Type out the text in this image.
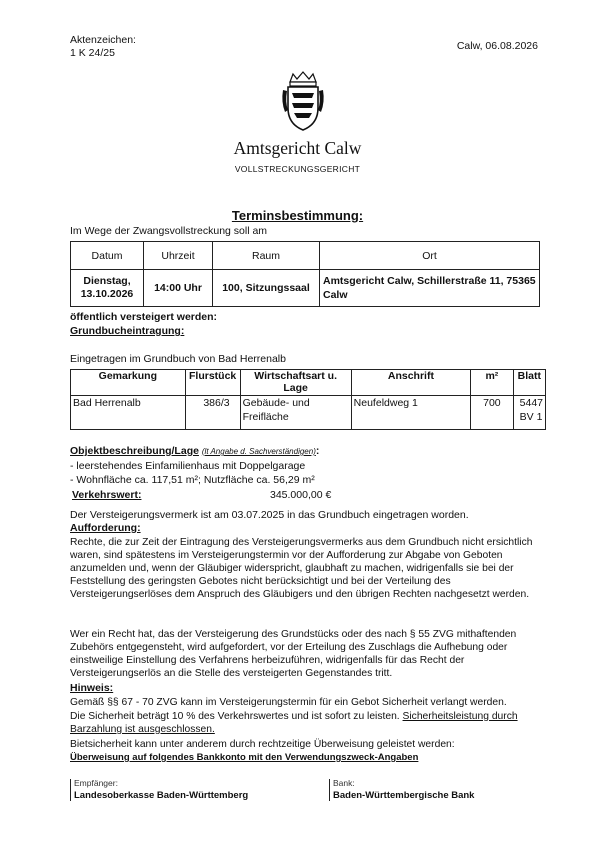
Aktenzeichen:
1 K 24/25
Calw, 06.08.2026
Amtsgericht Calw
VOLLSTRECKUNGSGERICHT
Terminsbestimmung:
Im Wege der Zwangsvollstreckung soll am
Datum	Uhrzeit	Raum	Ort

Dienstag,
13.10.2026	14:00 Uhr	100, Sitzungssaal	Amtsgericht Calw, Schillerstraße 11, 75365 Calw
öffentlich versteigert werden:
Grundbucheintragung:
Eingetragen im Grundbuch von Bad Herrenalb
Gemarkung	Flurstück	Wirtschaftsart u. Lage	Anschrift	m²	Blatt
Bad Herrenalb	386/3	Gebäude- und Freifläche	Neufeldweg 1	700	5447
BV 1
Objektbeschreibung/Lage (lt Angabe d. Sachverständigen):
- leerstehendes Einfamilienhaus mit Doppelgarage
- Wohnfläche ca. 117,51 m²; Nutzfläche ca. 56,29 m²
Verkehrswert:	345.000,00 €
Der Versteigerungsvermerk ist am 03.07.2025 in das Grundbuch eingetragen worden.
Aufforderung:
Rechte, die zur Zeit der Eintragung des Versteigerungsvermerks aus dem Grundbuch nicht ersichtlich waren, sind spätestens im Versteigerungstermin vor der Aufforderung zur Abgabe von Geboten anzumelden und, wenn der Gläubiger widerspricht, glaubhaft zu machen, widrigenfalls sie bei der Feststellung des geringsten Gebotes nicht berücksichtigt und bei der Verteilung des Versteigerungserlöses dem Anspruch des Gläubigers und den übrigen Rechten nachgesetzt werden.
Wer ein Recht hat, das der Versteigerung des Grundstücks oder des nach § 55 ZVG mithaftenden Zubehörs entgegensteht, wird aufgefordert, vor der Erteilung des Zuschlags die Aufhebung oder einstweilige Einstellung des Verfahrens herbeizuführen, widrigenfalls für das Recht der Versteigerungserlös an die Stelle des versteigerten Gegenstandes tritt.
Hinweis:
Gemäß §§ 67 - 70 ZVG kann im Versteigerungstermin für ein Gebot Sicherheit verlangt werden.
Die Sicherheit beträgt 10 % des Verkehrswertes und ist sofort zu leisten. Sicherheitsleistung durch Barzahlung ist ausgeschlossen.
Bietsicherheit kann unter anderem durch rechtzeitige Überweisung geleistet werden:
Überweisung auf folgendes Bankkonto mit den Verwendungszweck-Angaben
Empfänger:
Landesoberkasse Baden-Württemberg
Bank:
Baden-Württembergische Bank
